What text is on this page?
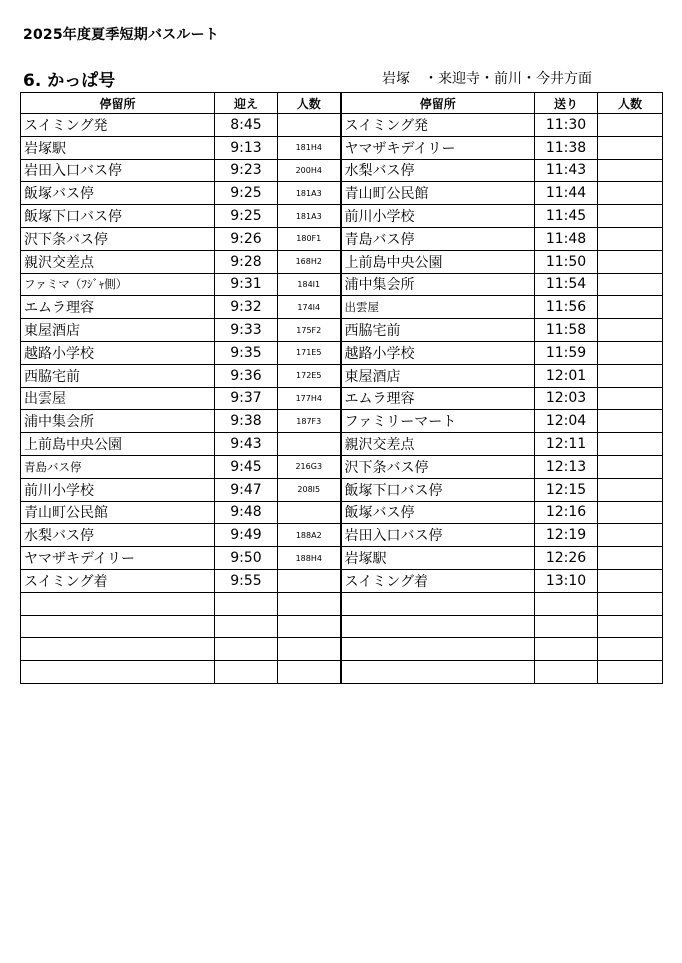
2025年度夏季短期バスルート
6. かっぱ号	岩塚　・来迎寺・前川・今井方面
停留所	迎え	人数	停留所	送り	人数
スイミング発	8:45		スイミング発	11:30	
岩塚駅	9:13	181H4	ヤマザキデイリー	11:38	
岩田入口バス停	9:23	200H4	水梨バス停	11:43	
飯塚バス停	9:25	181A3	青山町公民館	11:44	
飯塚下口バス停	9:25	181A3	前川小学校	11:45	
沢下条バス停	9:26	180F1	青島バス停	11:48	
親沢交差点	9:28	168H2	上前島中央公園	11:50	
ファミマ（ﾌｼﾞｬ側）	9:31	184I1	浦中集会所	11:54	
エムラ理容	9:32	174I4	出雲屋	11:56	
東屋酒店	9:33	175F2	西脇宅前	11:58	
越路小学校	9:35	171E5	越路小学校	11:59	
西脇宅前	9:36	172E5	東屋酒店	12:01	
出雲屋	9:37	177H4	エムラ理容	12:03	
浦中集会所	9:38	187F3	ファミリーマート	12:04	
上前島中央公園	9:43		親沢交差点	12:11	
青島バス停	9:45	216G3	沢下条バス停	12:13	
前川小学校	9:47	208I5	飯塚下口バス停	12:15	
青山町公民館	9:48		飯塚バス停	12:16	
水梨バス停	9:49	188A2	岩田入口バス停	12:19	
ヤマザキデイリー	9:50	188H4	岩塚駅	12:26	
スイミング着	9:55		スイミング着	13:10	
